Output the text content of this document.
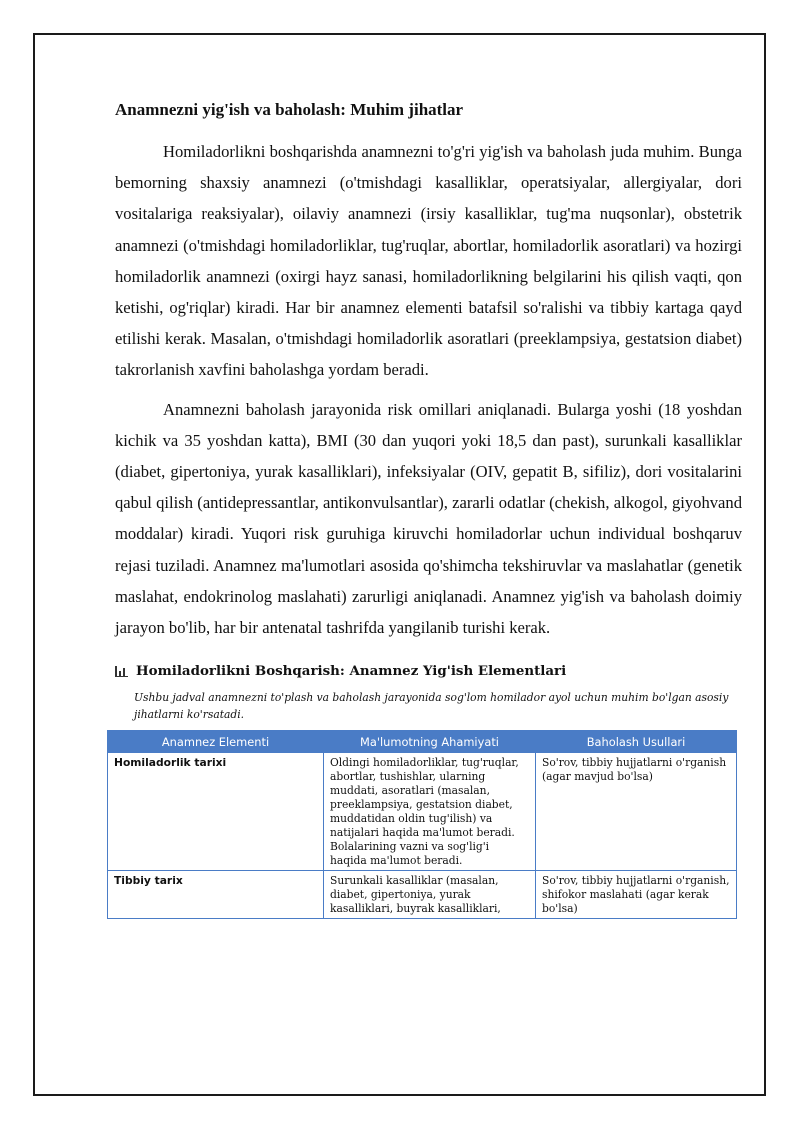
Anamnezni yig'ish va baholash: Muhim jihatlar

Homiladorlikni boshqarishda anamnezni to'g'ri yig'ish va baholash juda muhim. Bunga bemorning shaxsiy anamnezi (o'tmishdagi kasalliklar, operatsiyalar, allergiyalar, dori vositalariga reaksiyalar), oilaviy anamnezi (irsiy kasalliklar, tug'ma nuqsonlar), obstetrik anamnezi (o'tmishdagi homiladorliklar, tug'ruqlar, abortlar, homiladorlik asoratlari) va hozirgi homiladorlik anamnezi (oxirgi hayz sanasi, homiladorlikning belgilarini his qilish vaqti, qon ketishi, og'riqlar) kiradi. Har bir anamnez elementi batafsil so'ralishi va tibbiy kartaga qayd etilishi kerak. Masalan, o'tmishdagi homiladorlik asoratlari (preeklampsiya, gestatsion diabet) takrorlanish xavfini baholashga yordam beradi.

Anamnezni baholash jarayonida risk omillari aniqlanadi. Bularga yoshi (18 yoshdan kichik va 35 yoshdan katta), BMI (30 dan yuqori yoki 18,5 dan past), surunkali kasalliklar (diabet, gipertoniya, yurak kasalliklari), infeksiyalar (OIV, gepatit B, sifiliz), dori vositalarini qabul qilish (antidepressantlar, antikonvulsantlar), zararli odatlar (chekish, alkogol, giyohvand moddalar) kiradi. Yuqori risk guruhiga kiruvchi homiladorlar uchun individual boshqaruv rejasi tuziladi. Anamnez ma'lumotlari asosida qo'shimcha tekshiruvlar va maslahatlar (genetik maslahat, endokrinolog maslahati) zarurligi aniqlanadi. Anamnez yig'ish va baholash doimiy jarayon bo'lib, har bir antenatal tashrifda yangilanib turishi kerak.

Homiladorlikni Boshqarish: Anamnez Yig'ish Elementlari
Ushbu jadval anamnezni to'plash va baholash jarayonida sog'lom homilador ayol uchun muhim bo'lgan asosiy jihatlarni ko'rsatadi.
Anamnez Elementi	Ma'lumotning Ahamiyati	Baholash Usullari
Homiladorlik tarixi	Oldingi homiladorliklar, tug'ruqlar, abortlar, tushishlar, ularning muddati, asoratlari (masalan, preeklampsiya, gestatsion diabet, muddatidan oldin tug'ilish) va natijalari haqida ma'lumot beradi. Bolalarining vazni va sog'lig'i haqida ma'lumot beradi.	So'rov, tibbiy hujjatlarni o'rganish (agar mavjud bo'lsa)
Tibbiy tarix	Surunkali kasalliklar (masalan, diabet, gipertoniya, yurak kasalliklari, buyrak kasalliklari,	So'rov, tibbiy hujjatlarni o'rganish, shifokor maslahati (agar kerak bo'lsa)
